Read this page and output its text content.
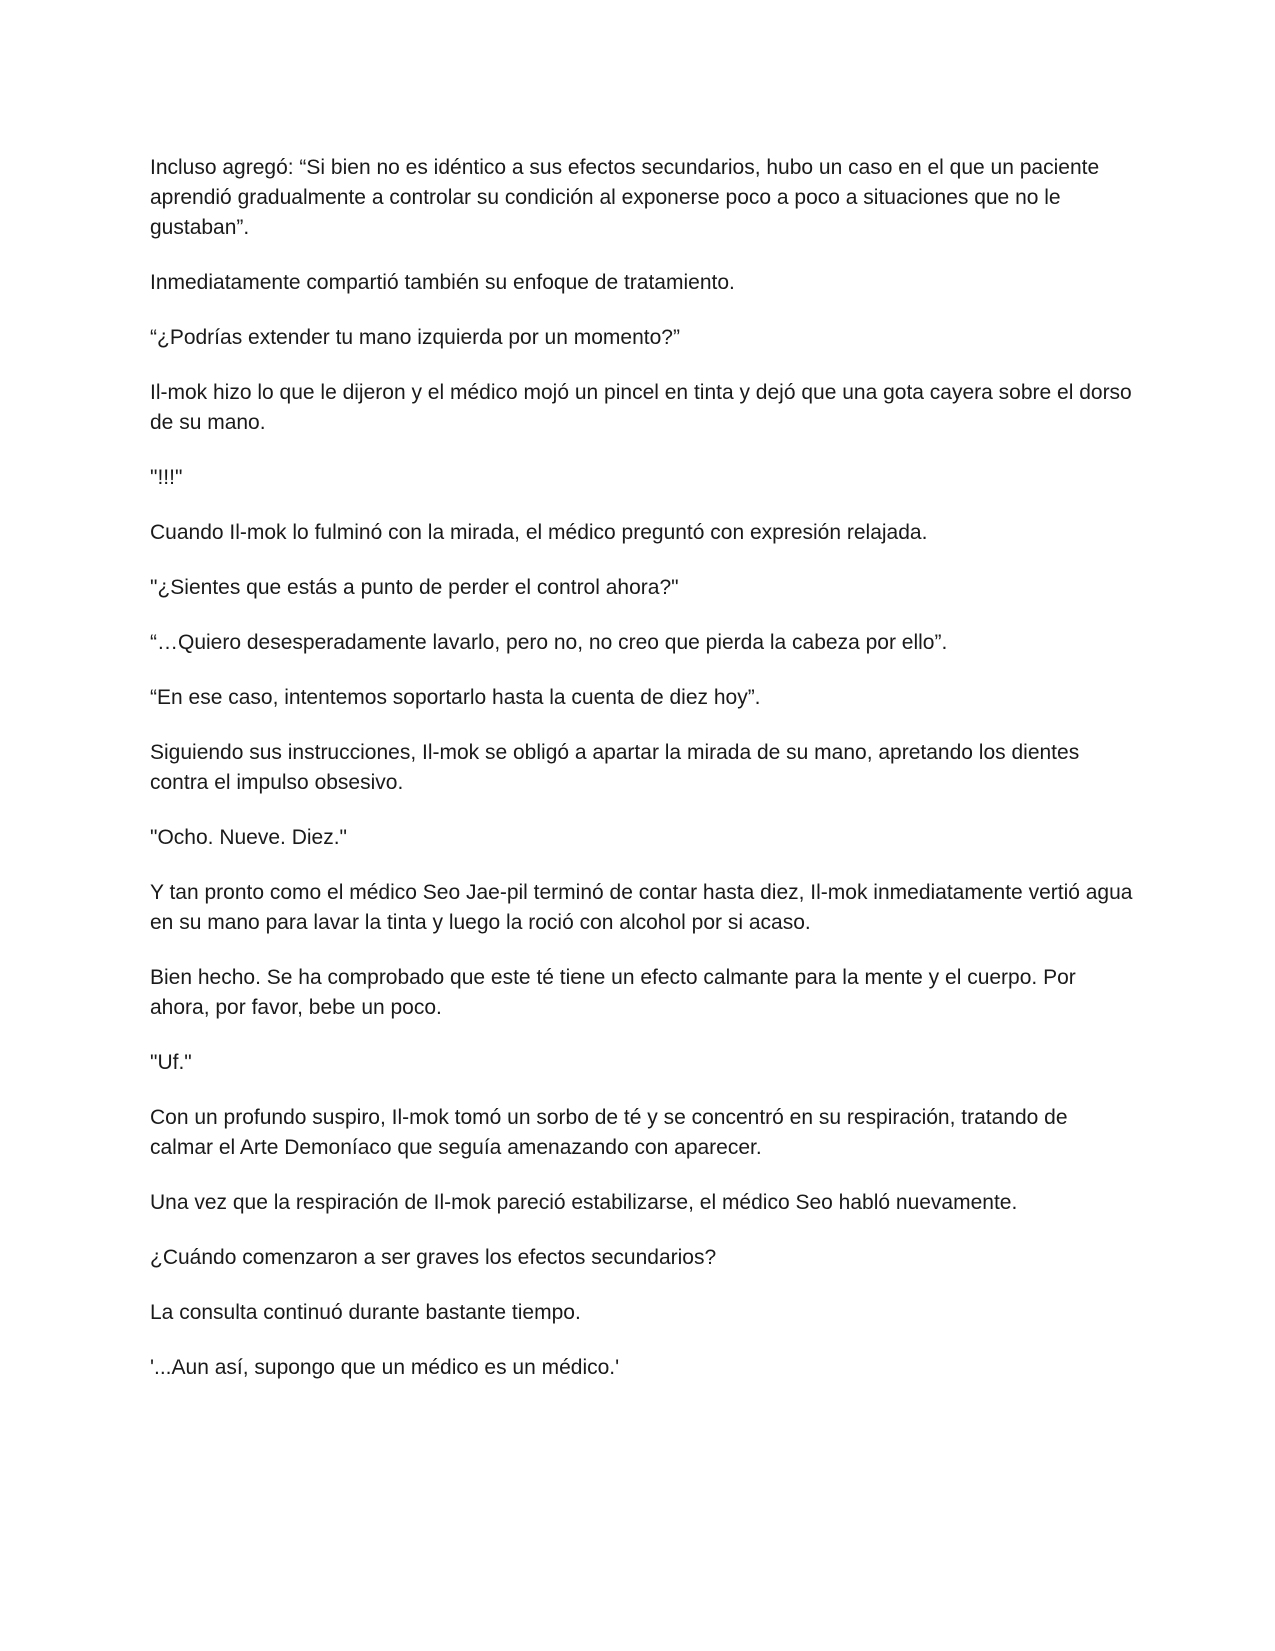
Incluso agregó: “Si bien no es idéntico a sus efectos secundarios, hubo un caso en el que un paciente aprendió gradualmente a controlar su condición al exponerse poco a poco a situaciones que no le gustaban”.

Inmediatamente compartió también su enfoque de tratamiento.

“¿Podrías extender tu mano izquierda por un momento?”

Il-mok hizo lo que le dijeron y el médico mojó un pincel en tinta y dejó que una gota cayera sobre el dorso de su mano.

"!!!"

Cuando Il-mok lo fulminó con la mirada, el médico preguntó con expresión relajada.

"¿Sientes que estás a punto de perder el control ahora?"

“…Quiero desesperadamente lavarlo, pero no, no creo que pierda la cabeza por ello”.

“En ese caso, intentemos soportarlo hasta la cuenta de diez hoy”.

Siguiendo sus instrucciones, Il-mok se obligó a apartar la mirada de su mano, apretando los dientes contra el impulso obsesivo.

"Ocho. Nueve. Diez."

Y tan pronto como el médico Seo Jae-pil terminó de contar hasta diez, Il-mok inmediatamente vertió agua en su mano para lavar la tinta y luego la roció con alcohol por si acaso.

Bien hecho. Se ha comprobado que este té tiene un efecto calmante para la mente y el cuerpo. Por ahora, por favor, bebe un poco.

"Uf."

Con un profundo suspiro, Il-mok tomó un sorbo de té y se concentró en su respiración, tratando de calmar el Arte Demoníaco que seguía amenazando con aparecer.

Una vez que la respiración de Il-mok pareció estabilizarse, el médico Seo habló nuevamente.

¿Cuándo comenzaron a ser graves los efectos secundarios?

La consulta continuó durante bastante tiempo.

'...Aun así, supongo que un médico es un médico.'
